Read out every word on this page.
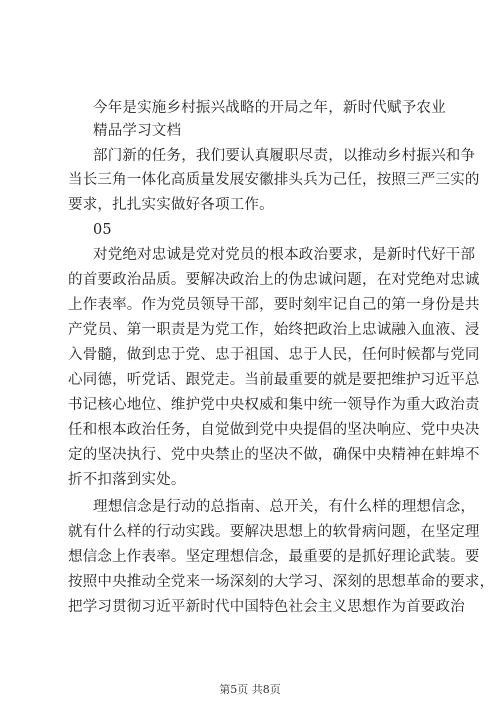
今年是实施乡村振兴战略的开局之年，新时代赋予农业
精品学习文档
部门新的任务，我们要认真履职尽责，以推动乡村振兴和争
当长三角一体化高质量发展安徽排头兵为己任，按照三严三实的
要求，扎扎实实做好各项工作。
05
对党绝对忠诚是党对党员的根本政治要求，是新时代好干部
的首要政治品质。要解决政治上的伪忠诚问题，在对党绝对忠诚
上作表率。作为党员领导干部，要时刻牢记自己的第一身份是共
产党员、第一职责是为党工作，始终把政治上忠诚融入血液、浸
入骨髓，做到忠于党、忠于祖国、忠于人民，任何时候都与党同
心同德，听党话、跟党走。当前最重要的就是要把维护习近平总
书记核心地位、维护党中央权威和集中统一领导作为重大政治责
任和根本政治任务，自觉做到党中央提倡的坚决响应、党中央决
定的坚决执行、党中央禁止的坚决不做，确保中央精神在蚌埠不
折不扣落到实处。
理想信念是行动的总指南、总开关，有什么样的理想信念，
就有什么样的行动实践。要解决思想上的软骨病问题，在坚定理
想信念上作表率。坚定理想信念，最重要的是抓好理论武装。要
按照中央推动全党来一场深刻的大学习、深刻的思想革命的要求，
把学习贯彻习近平新时代中国特色社会主义思想作为首要政治
第5页 共8页
